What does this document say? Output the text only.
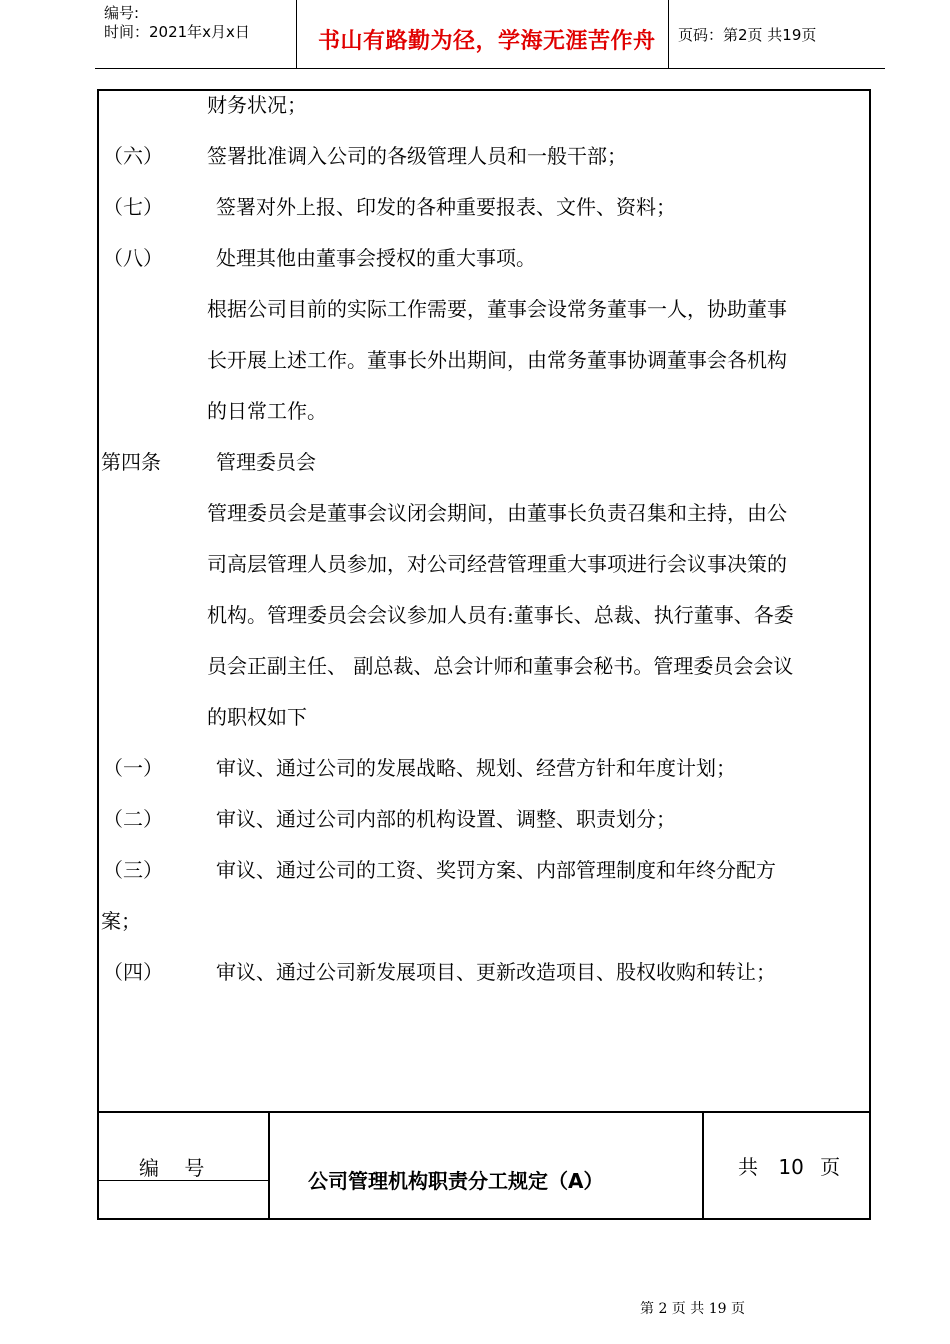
编号:
时间：2021年x月x日	书山有路勤为径，学海无涯苦作舟 页码：第2页 共19页
财务状况；
（六） 签署批准调入公司的各级管理人员和一般干部；
（七）	签署对外上报、印发的各种重要报表、文件、资料；
（八）	处理其他由董事会授权的重大事项。
根据公司目前的实际工作需要，董事会设常务董事一人，协助董事
长开展上述工作。董事长外出期间，由常务董事协调董事会各机构
的日常工作。
第四条	管理委员会
管理委员会是董事会议闭会期间，由董事长负责召集和主持，由公
司高层管理人员参加，对公司经营管理重大事项进行会议事决策的
机构。管理委员会会议参加人员有:董事长、总裁、执行董事、各委
员会正副主任、 副总裁、总会计师和董事会秘书。管理委员会会议
的职权如下
（一）	审议、通过公司的发展战略、规划、经营方针和年度计划；
（二）	审议、通过公司内部的机构设置、调整、职责划分；
（三）	审议、通过公司的工资、奖罚方案、内部管理制度和年终分配方
案；
（四）	审议、通过公司新发展项目、更新改造项目、股权收购和转让；
编    号
公司管理机构职责分工规定（A）
共 10 页
第 2 页 共 19 页
